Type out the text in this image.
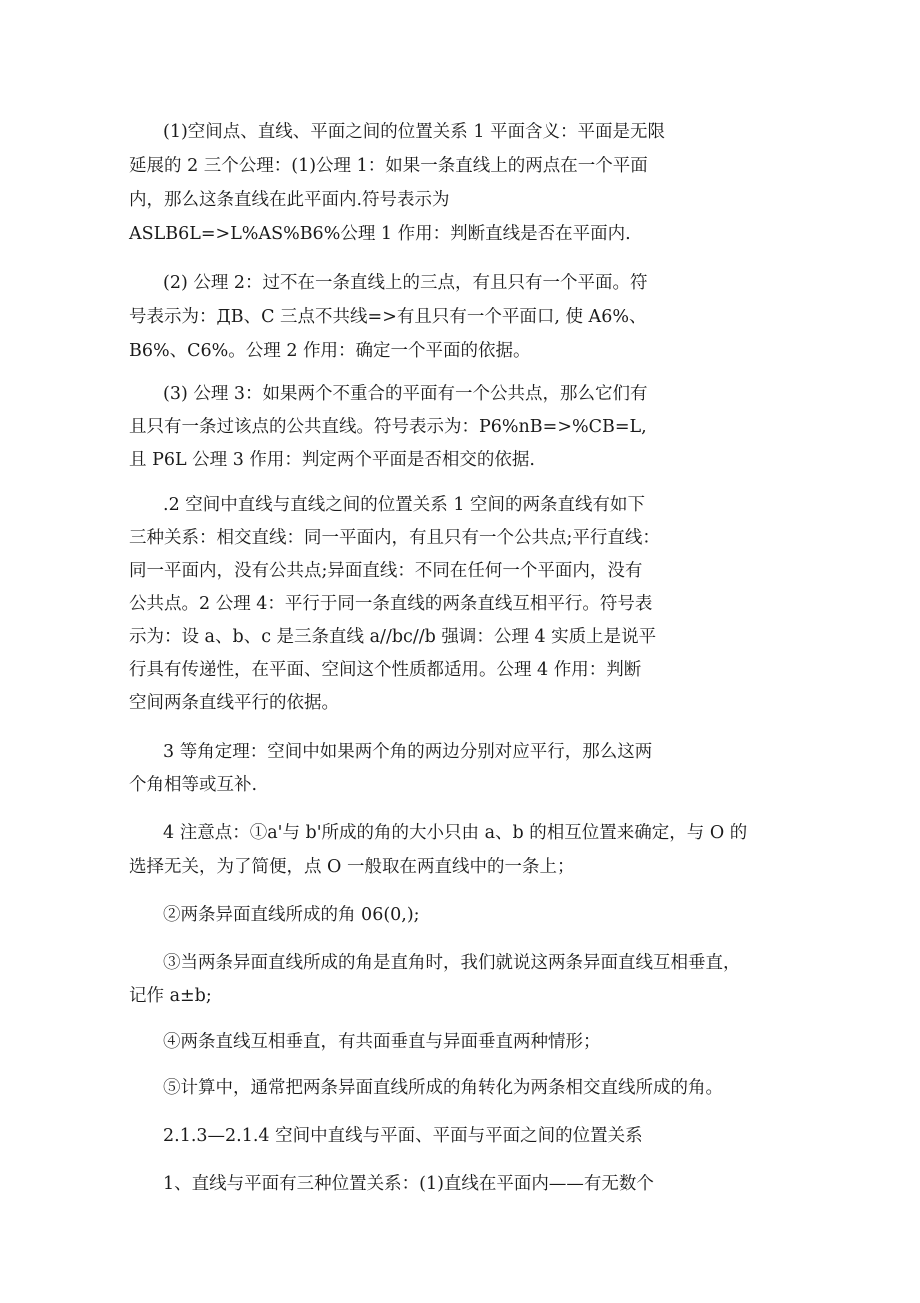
(1)空间点、直线、平面之间的位置关系 1 平面含义：平面是无限
延展的 2 三个公理：(1)公理 1：如果一条直线上的两点在一个平面
内，那么这条直线在此平面内.符号表示为
ASLB6L=>L%AS%B6%公理 1 作用：判断直线是否在平面内.
(2) 公理 2：过不在一条直线上的三点，有且只有一个平面。符
号表示为：ДB、C 三点不共线=>有且只有一个平面口, 使 A6%、
B6%、C6%。公理 2 作用：确定一个平面的依据。
(3) 公理 3：如果两个不重合的平面有一个公共点，那么它们有
且只有一条过该点的公共直线。符号表示为：P6%nB=>%CB=L,
且 P6L 公理 3 作用：判定两个平面是否相交的依据.
.2 空间中直线与直线之间的位置关系 1 空间的两条直线有如下
三种关系：相交直线：同一平面内，有且只有一个公共点;平行直线：
同一平面内，没有公共点;异面直线：不同在任何一个平面内，没有
公共点。2 公理 4：平行于同一条直线的两条直线互相平行。符号表
示为：设 a、b、c 是三条直线 a//bc//b 强调：公理 4 实质上是说平
行具有传递性，在平面、空间这个性质都适用。公理 4 作用：判断
空间两条直线平行的依据。
3 等角定理：空间中如果两个角的两边分别对应平行，那么这两
个角相等或互补.
4 注意点：①a'与 b'所成的角的大小只由 a、b 的相互位置来确定，与 O 的
选择无关，为了简便，点 O 一般取在两直线中的一条上；
②两条异面直线所成的角 06(0,);
③当两条异面直线所成的角是直角时，我们就说这两条异面直线互相垂直，
记作 a±b;
④两条直线互相垂直，有共面垂直与异面垂直两种情形；
⑤计算中，通常把两条异面直线所成的角转化为两条相交直线所成的角。
2.1.3—2.1.4 空间中直线与平面、平面与平面之间的位置关系
1、直线与平面有三种位置关系：(1)直线在平面内——有无数个
